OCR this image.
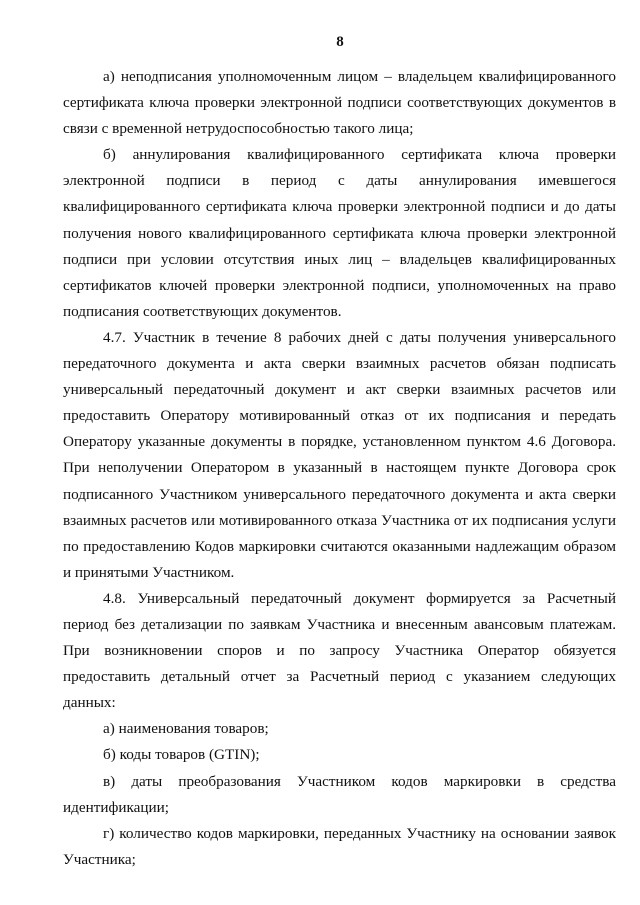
8

а) неподписания уполномоченным лицом – владельцем квалифицированного сертификата ключа проверки электронной подписи соответствующих документов в связи с временной нетрудоспособностью такого лица;

б) аннулирования квалифицированного сертификата ключа проверки электронной подписи в период с даты аннулирования имевшегося квалифицированного сертификата ключа проверки электронной подписи и до даты получения нового квалифицированного сертификата ключа проверки электронной подписи при условии отсутствия иных лиц – владельцев квалифицированных сертификатов ключей проверки электронной подписи, уполномоченных на право подписания соответствующих документов.

4.7. Участник в течение 8 рабочих дней с даты получения универсального передаточного документа и акта сверки взаимных расчетов обязан подписать универсальный передаточный документ и акт сверки взаимных расчетов или предоставить Оператору мотивированный отказ от их подписания и передать Оператору указанные документы в порядке, установленном пунктом 4.6 Договора. При неполучении Оператором в указанный в настоящем пункте Договора срок подписанного Участником универсального передаточного документа и акта сверки взаимных расчетов или мотивированного отказа Участника от их подписания услуги по предоставлению Кодов маркировки считаются оказанными надлежащим образом и принятыми Участником.

4.8. Универсальный передаточный документ формируется за Расчетный период без детализации по заявкам Участника и внесенным авансовым платежам. При возникновении споров и по запросу Участника Оператор обязуется предоставить детальный отчет за Расчетный период с указанием следующих данных:

а) наименования товаров;

б) коды товаров (GTIN);

в) даты преобразования Участником кодов маркировки в средства идентификации;

г) количество кодов маркировки, переданных Участнику на основании заявок Участника;
